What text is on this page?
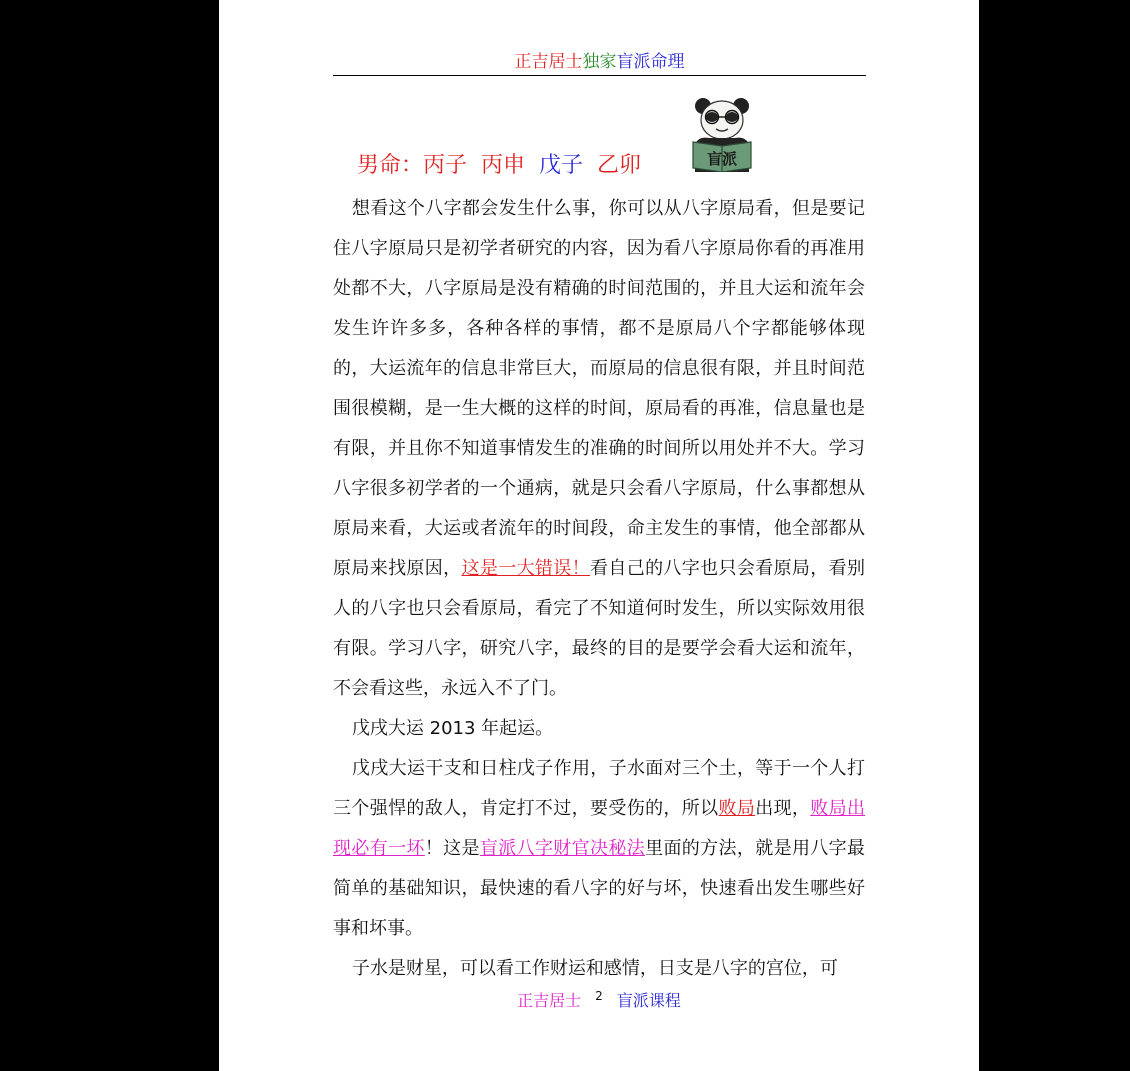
正吉居士独家盲派命理
盲派
男命：丙子  丙申  戊子  乙卯

想看这个八字都会发生什么事，你可以从八字原局看，但是要记住八字原局只是初学者研究的内容，因为看八字原局你看的再准用处都不大，八字原局是没有精确的时间范围的，并且大运和流年会发生许许多多，各种各样的事情，都不是原局八个字都能够体现的，大运流年的信息非常巨大，而原局的信息很有限，并且时间范围很模糊，是一生大概的这样的时间，原局看的再准，信息量也是有限，并且你不知道事情发生的准确的时间所以用处并不大。学习八字很多初学者的一个通病，就是只会看八字原局，什么事都想从原局来看，大运或者流年的时间段，命主发生的事情，他全部都从原局来找原因，这是一大错误！看自己的八字也只会看原局，看别人的八字也只会看原局，看完了不知道何时发生，所以实际效用很有限。学习八字，研究八字，最终的目的是要学会看大运和流年，不会看这些，永远入不了门。

戊戌大运 2013 年起运。

戊戌大运干支和日柱戊子作用，子水面对三个土，等于一个人打三个强悍的敌人，肯定打不过，要受伤的，所以败局出现，败局出现必有一坏！这是盲派八字财官决秘法里面的方法，就是用八字最简单的基础知识，最快速的看八字的好与坏，快速看出发生哪些好事和坏事。

子水是财星，可以看工作财运和感情，日支是八字的宫位，可

正吉居士 $^2$ 盲派课程
